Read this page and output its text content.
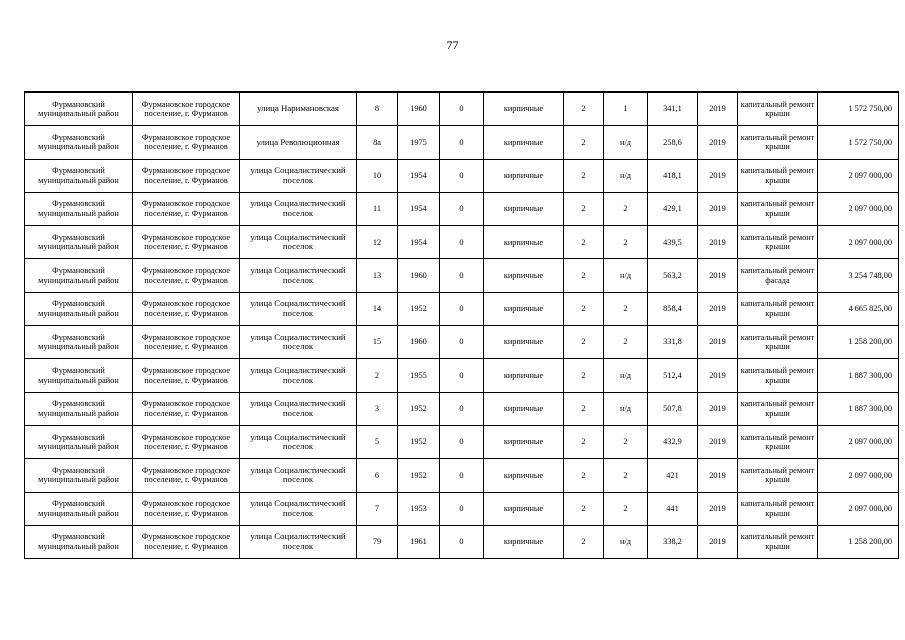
77
Фурмановский муниципальный район	Фурмановское городское поселение, г. Фурманов	улица Наримановская	8	1960	0	кирпичные	2	1	341,1	2019	капитальный ремонт крыши	1 572 750,00
Фурмановский муниципальный район	Фурмановское городское поселение, г. Фурманов	улица Революционная	8а	1975	0	кирпичные	2	н/д	258,6	2019	капитальный ремонт крыши	1 572 750,00
Фурмановский муниципальный район	Фурмановское городское поселение, г. Фурманов	улица Социалистический поселок	10	1954	0	кирпичные	2	н/д	418,1	2019	капитальный ремонт крыши	2 097 000,00
Фурмановский муниципальный район	Фурмановское городское поселение, г. Фурманов	улица Социалистический поселок	11	1954	0	кирпичные	2	2	429,1	2019	капитальный ремонт крыши	2 097 000,00
Фурмановский муниципальный район	Фурмановское городское поселение, г. Фурманов	улица Социалистический поселок	12	1954	0	кирпичные	2	2	439,5	2019	капитальный ремонт крыши	2 097 000,00
Фурмановский муниципальный район	Фурмановское городское поселение, г. Фурманов	улица Социалистический поселок	13	1960	0	кирпичные	2	н/д	563,2	2019	капитальный ремонт фасада	3 254 748,00
Фурмановский муниципальный район	Фурмановское городское поселение, г. Фурманов	улица Социалистический поселок	14	1952	0	кирпичные	2	2	858,4	2019	капитальный ремонт крыши	4 665 825,00
Фурмановский муниципальный район	Фурмановское городское поселение, г. Фурманов	улица Социалистический поселок	15	1960	0	кирпичные	2	2	331,8	2019	капитальный ремонт крыши	1 258 200,00
Фурмановский муниципальный район	Фурмановское городское поселение, г. Фурманов	улица Социалистический поселок	2	1955	0	кирпичные	2	н/д	512,4	2019	капитальный ремонт крыши	1 887 300,00
Фурмановский муниципальный район	Фурмановское городское поселение, г. Фурманов	улица Социалистический поселок	3	1952	0	кирпичные	2	н/д	507,8	2019	капитальный ремонт крыши	1 887 300,00
Фурмановский муниципальный район	Фурмановское городское поселение, г. Фурманов	улица Социалистический поселок	5	1952	0	кирпичные	2	2	432,9	2019	капитальный ремонт крыши	2 097 000,00
Фурмановский муниципальный район	Фурмановское городское поселение, г. Фурманов	улица Социалистический поселок	6	1952	0	кирпичные	2	2	421	2019	капитальный ремонт крыши	2 097 000,00
Фурмановский муниципальный район	Фурмановское городское поселение, г. Фурманов	улица Социалистический поселок	7	1953	0	кирпичные	2	2	441	2019	капитальный ремонт крыши	2 097 000,00
Фурмановский муниципальный район	Фурмановское городское поселение, г. Фурманов	улица Социалистический поселок	79	1961	0	кирпичные	2	н/д	338,2	2019	капитальный ремонт крыши	1 258 200,00
